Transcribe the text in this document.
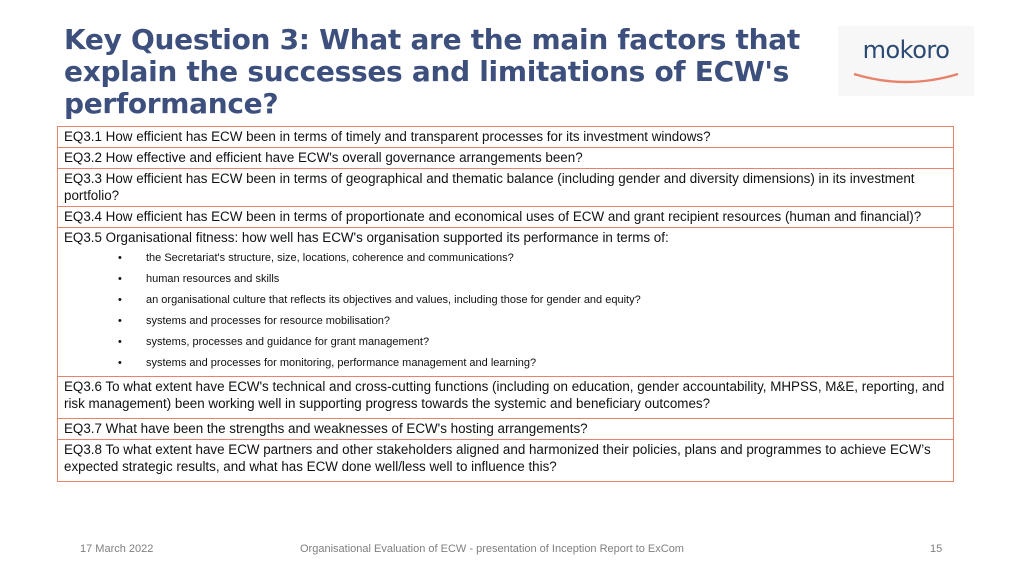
Key Question 3: What are the main factors that explain the successes and limitations of ECW's performance?
mokoro
EQ3.1 How efficient has ECW been in terms of timely and transparent processes for its investment windows?
EQ3.2 How effective and efficient have ECW's overall governance arrangements been?
EQ3.3 How efficient has ECW been in terms of geographical and thematic balance (including gender and diversity dimensions) in its investment portfolio?
EQ3.4 How efficient has ECW been in terms of proportionate and economical uses of ECW and grant recipient resources (human and financial)?

EQ3.5 Organisational fitness: how well has ECW's organisation supported its performance in terms of:
• the Secretariat's structure, size, locations, coherence and communications?
• human resources and skills
• an organisational culture that reflects its objectives and values, including those for gender and equity?
• systems and processes for resource mobilisation?
• systems, processes and guidance for grant management?
• systems and processes for monitoring, performance management and learning?

EQ3.6 To what extent have ECW's technical and cross-cutting functions (including on education, gender accountability, MHPSS, M&E, reporting, and risk management) been working well in supporting progress towards the systemic and beneficiary outcomes?
EQ3.7 What have been the strengths and weaknesses of ECW's hosting arrangements?
EQ3.8 To what extent have ECW partners and other stakeholders aligned and harmonized their policies, plans and programmes to achieve ECW’s expected strategic results, and what has ECW done well/less well to influence this?
17 March 2022	Organisational Evaluation of ECW - presentation of Inception Report to ExCom	15
